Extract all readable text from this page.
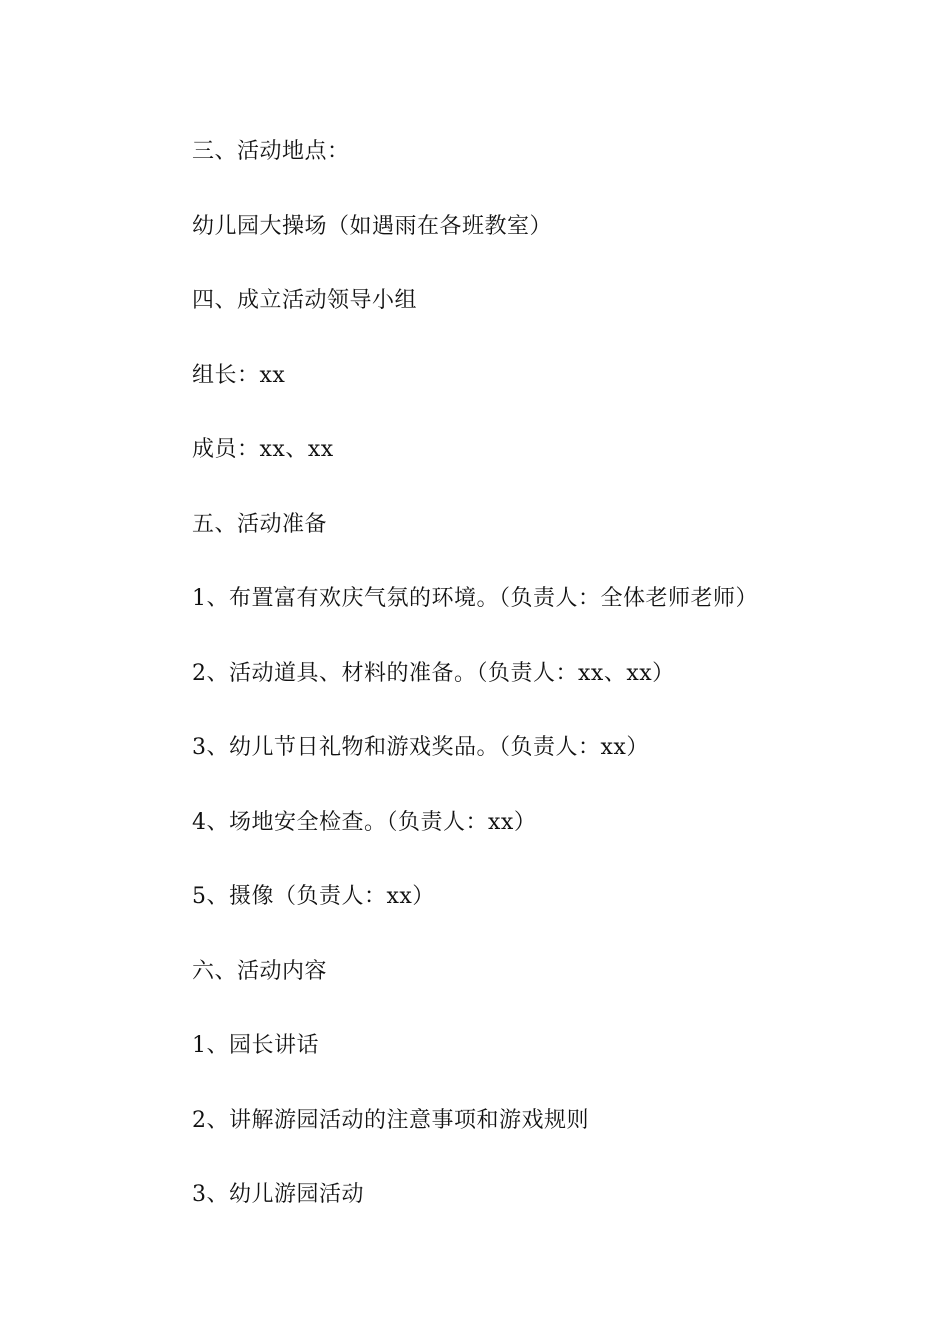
三、活动地点：
幼儿园大操场（如遇雨在各班教室）
四、成立活动领导小组
组长：xx
成员：xx、xx
五、活动准备
1、布置富有欢庆气氛的环境。（负责人：全体老师老师）
2、活动道具、材料的准备。（负责人：xx、xx）
3、幼儿节日礼物和游戏奖品。（负责人：xx）
4、场地安全检查。（负责人：xx）
5、摄像（负责人：xx）
六、活动内容
1、园长讲话
2、讲解游园活动的注意事项和游戏规则
3、幼儿游园活动
